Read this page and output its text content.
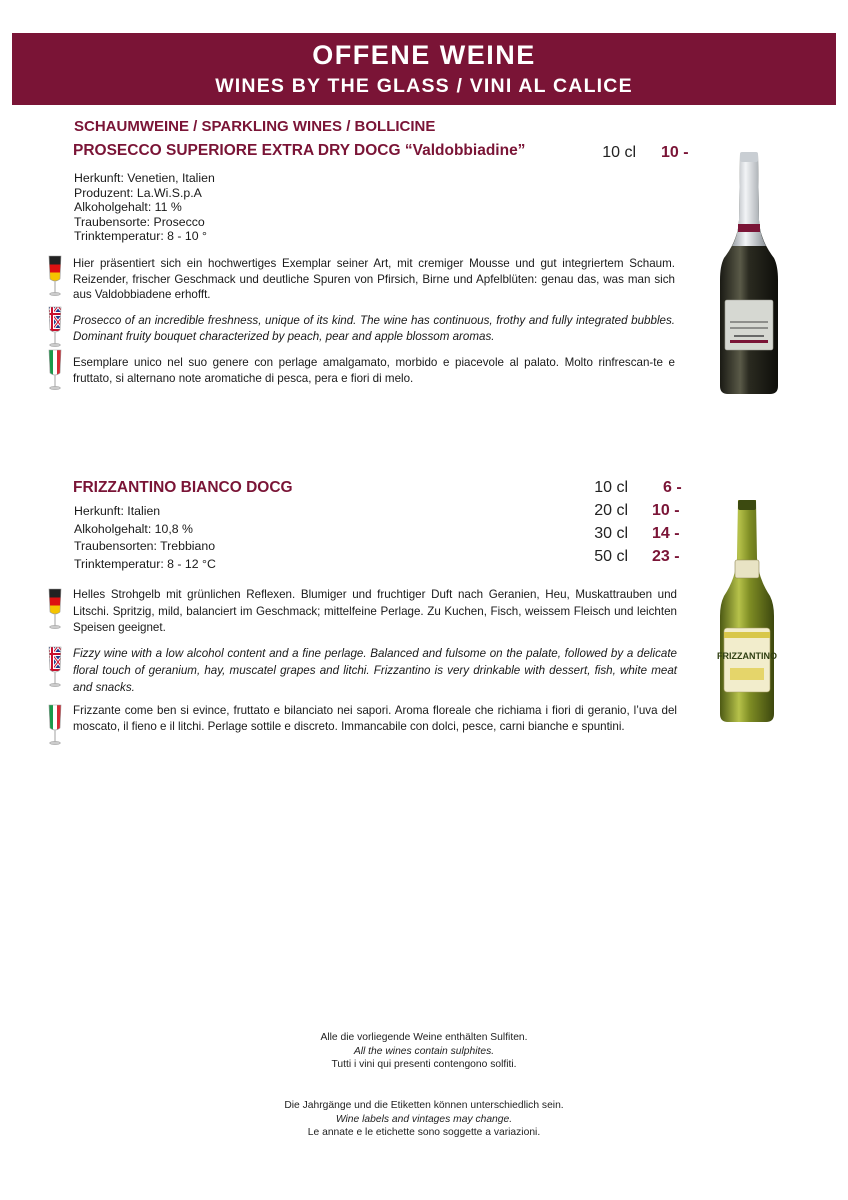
OFFENE WEINE
WINES BY THE GLASS / VINI AL CALICE
SCHAUMWEINE / SPARKLING WINES / BOLLICINE
PROSECCO SUPERIORE EXTRA DRY DOCG “Valdobbiadine”	10 cl 10 -
Herkunft: Venetien, Italien
Produzent: La.Wi.S.p.A
Alkoholgehalt: 11 %
Traubensorte: Prosecco
Trinktemperatur: 8 - 10 °
Hier präsentiert sich ein hochwertiges Exemplar seiner Art, mit cremiger Mousse und gut integriertem Schaum. Reizender, frischer Geschmack und deutliche Spuren von Pfirsich, Birne und Apfelblüten: genau das, was man sich aus Valdobbiadene erhofft.
Prosecco of an incredible freshness, unique of its kind. The wine has continuous, frothy and fully integrated bubbles. Dominant fruity bouquet characterized by peach, pear and apple blossom aromas.
Esemplare unico nel suo genere con perlage amalgamato, morbido e piacevole al palato. Molto rinfrescan-te e fruttato, si alternano note aromatiche di pesca, pera e fiori di melo.
FRIZZANTINO BIANCO DOCG	10 cl 6 -
20 cl 10 -
30 cl 14 -
50 cl 23 -
Herkunft: Italien
Alkoholgehalt: 10,8 %
Traubensorten: Trebbiano
Trinktemperatur: 8 - 12 °C
Helles Strohgelb mit grünlichen Reflexen. Blumiger und fruchtiger Duft nach Geranien, Heu, Muskattrauben und Litschi. Spritzig, mild, balanciert im Geschmack; mittelfeine Perlage. Zu Kuchen, Fisch, weissem Fleisch und leichten Speisen geeignet.
Fizzy wine with a low alcohol content and a fine perlage. Balanced and fulsome on the palate, followed by a delicate floral touch of geranium, hay, muscatel grapes and litchi. Frizzantino is very drinkable with dessert, fish, white meat and snacks.
Frizzante come ben si evince, fruttato e bilanciato nei sapori. Aroma floreale che richiama i fiori di geranio, l’uva del moscato, il fieno e il litchi. Perlage sottile e discreto. Immancabile con dolci, pesce, carni bianche e spuntini.
FRIZZANTINO
Alle die vorliegende Weine enthälten Sulfiten.
All the wines contain sulphites.
Tutti i vini qui presenti contengono solfiti.
Die Jahrgänge und die Etiketten können unterschiedlich sein.
Wine labels and vintages may change.
Le annate e le etichette sono soggette a variazioni.
